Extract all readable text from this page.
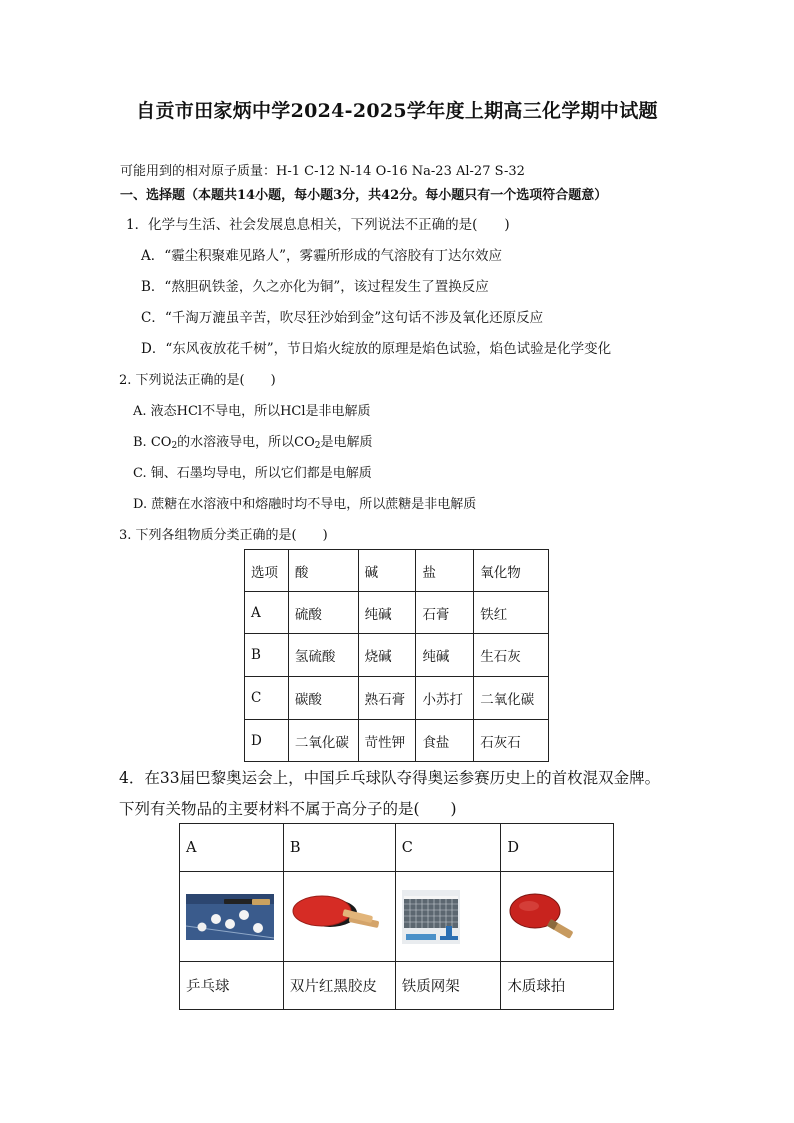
自贡市田家炳中学2024-2025学年度上期高三化学期中试题
可能用到的相对原子质量：H-1 C-12 N-14 O-16 Na-23 Al-27 S-32
一、选择题（本题共14小题，每小题3分，共42分。每小题只有一个选项符合题意）
1．化学与生活、社会发展息息相关，下列说法不正确的是(　　)
A．“霾尘积聚难见路人”，雾霾所形成的气溶胶有丁达尔效应
B．“熬胆矾铁釜，久之亦化为铜”，该过程发生了置换反应
C．“千淘万漉虽辛苦，吹尽狂沙始到金”这句话不涉及氧化还原反应
D．“东风夜放花千树”，节日焰火绽放的原理是焰色试验，焰色试验是化学变化
2. 下列说法正确的是(　　)
A. 液态HCl不导电，所以HCl是非电解质
B. $CO_2$的水溶液导电，所以$CO_2$是电解质
C. 铜、石墨均导电，所以它们都是电解质
D. 蔗糖在水溶液中和熔融时均不导电，所以蔗糖是非电解质
3. 下列各组物质分类正确的是(　　)
选项	酸	碱	盐	氧化物
A	硫酸	纯碱	石膏	铁红
B	氢硫酸	烧碱	纯碱	生石灰
C	碳酸	熟石膏	小苏打	二氧化碳
D	二氧化碳	苛性钾	食盐	石灰石
4．在33届巴黎奥运会上，中国乒乓球队夺得奥运参赛历史上的首枚混双金牌。
下列有关物品的主要材料不属于高分子的是(　　)
A	B	C	D

乒乓球	双片红黑胶皮	铁质网架	木质球拍
